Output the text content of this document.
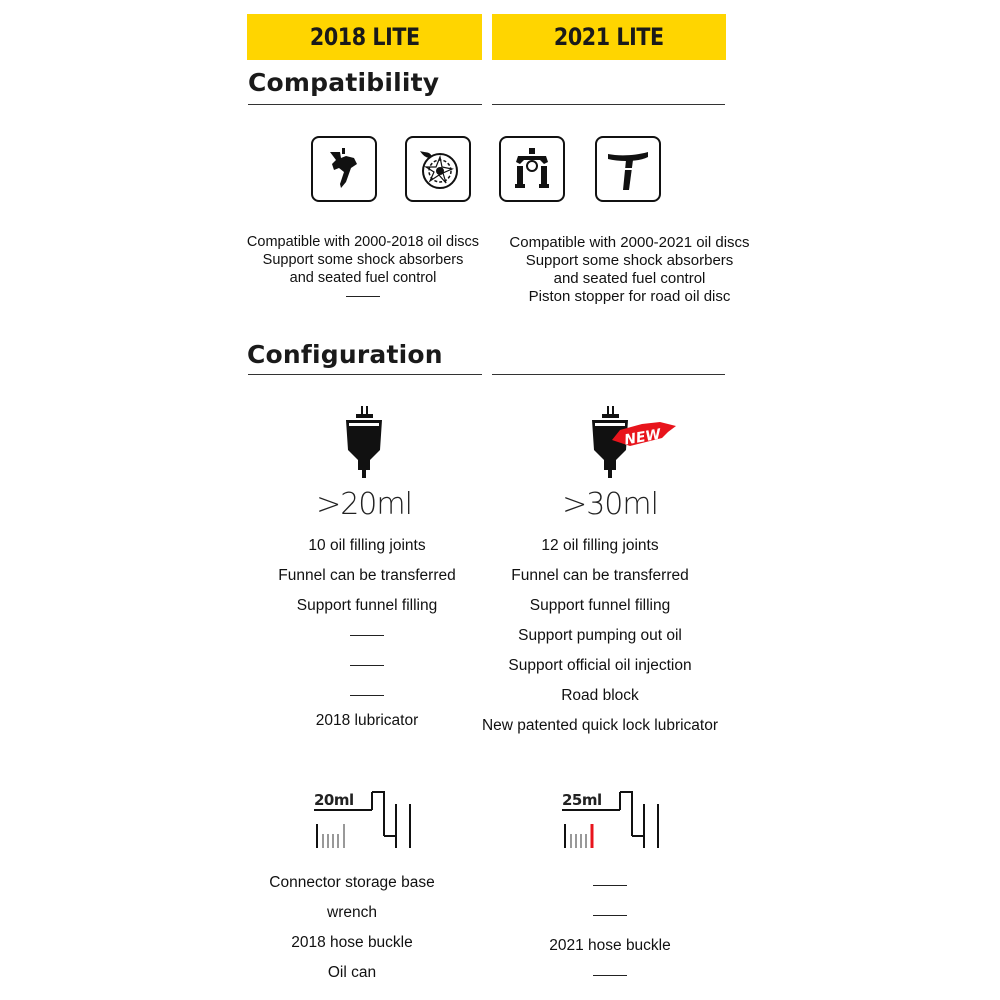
2018 LITE	2021 LITE
Compatibility
Compatible with 2000-2018 oil discs
Support some shock absorbers
and seated fuel control
Compatible with 2000-2021 oil discs
Support some shock absorbers
and seated fuel control
Piston stopper for road oil disc
Configuration
NEW
>20ml	>30ml
10 oil filling joints
Funnel can be transferred
Support funnel filling
2018 lubricator
12 oil filling joints
Funnel can be transferred
Support funnel filling
Support pumping out oil
Support official oil injection
Road block
New patented quick lock lubricator
20ml	25ml
Connector storage base
wrench
2018 hose buckle
Oil can
2021 hose buckle
